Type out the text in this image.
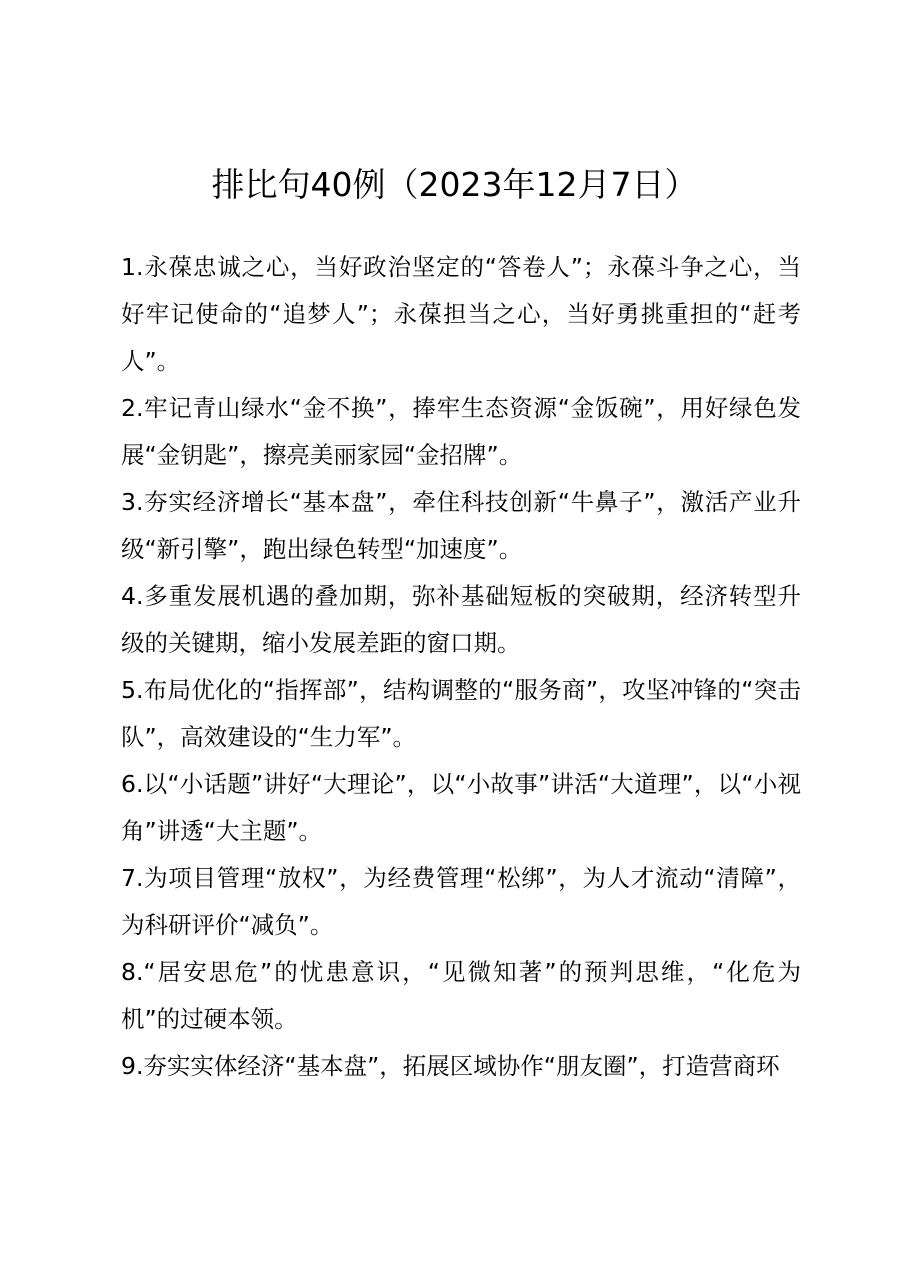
排比句40例（2023年12月7日）

1.永葆忠诚之心，当好政治坚定的“答卷人”；永葆斗争之心，当好牢记使命的“追梦人”；永葆担当之心，当好勇挑重担的“赶考人”。

2.牢记青山绿水“金不换”，捧牢生态资源“金饭碗”，用好绿色发展“金钥匙”，擦亮美丽家园“金招牌”。

3.夯实经济增长“基本盘”，牵住科技创新“牛鼻子”，激活产业升级“新引擎”，跑出绿色转型“加速度”。

4.多重发展机遇的叠加期，弥补基础短板的突破期，经济转型升级的关键期，缩小发展差距的窗口期。

5.布局优化的“指挥部”，结构调整的“服务商”，攻坚冲锋的“突击队”，高效建设的“生力军”。

6.以“小话题”讲好“大理论”，以“小故事”讲活“大道理”，以“小视角”讲透“大主题”。

7.为项目管理“放权”，为经费管理“松绑”，为人才流动“清障”，为科研评价“减负”。

8.“居安思危”的忧患意识，“见微知著”的预判思维，“化危为机”的过硬本领。

9.夯实实体经济“基本盘”，拓展区域协作“朋友圈”，打造营商环
